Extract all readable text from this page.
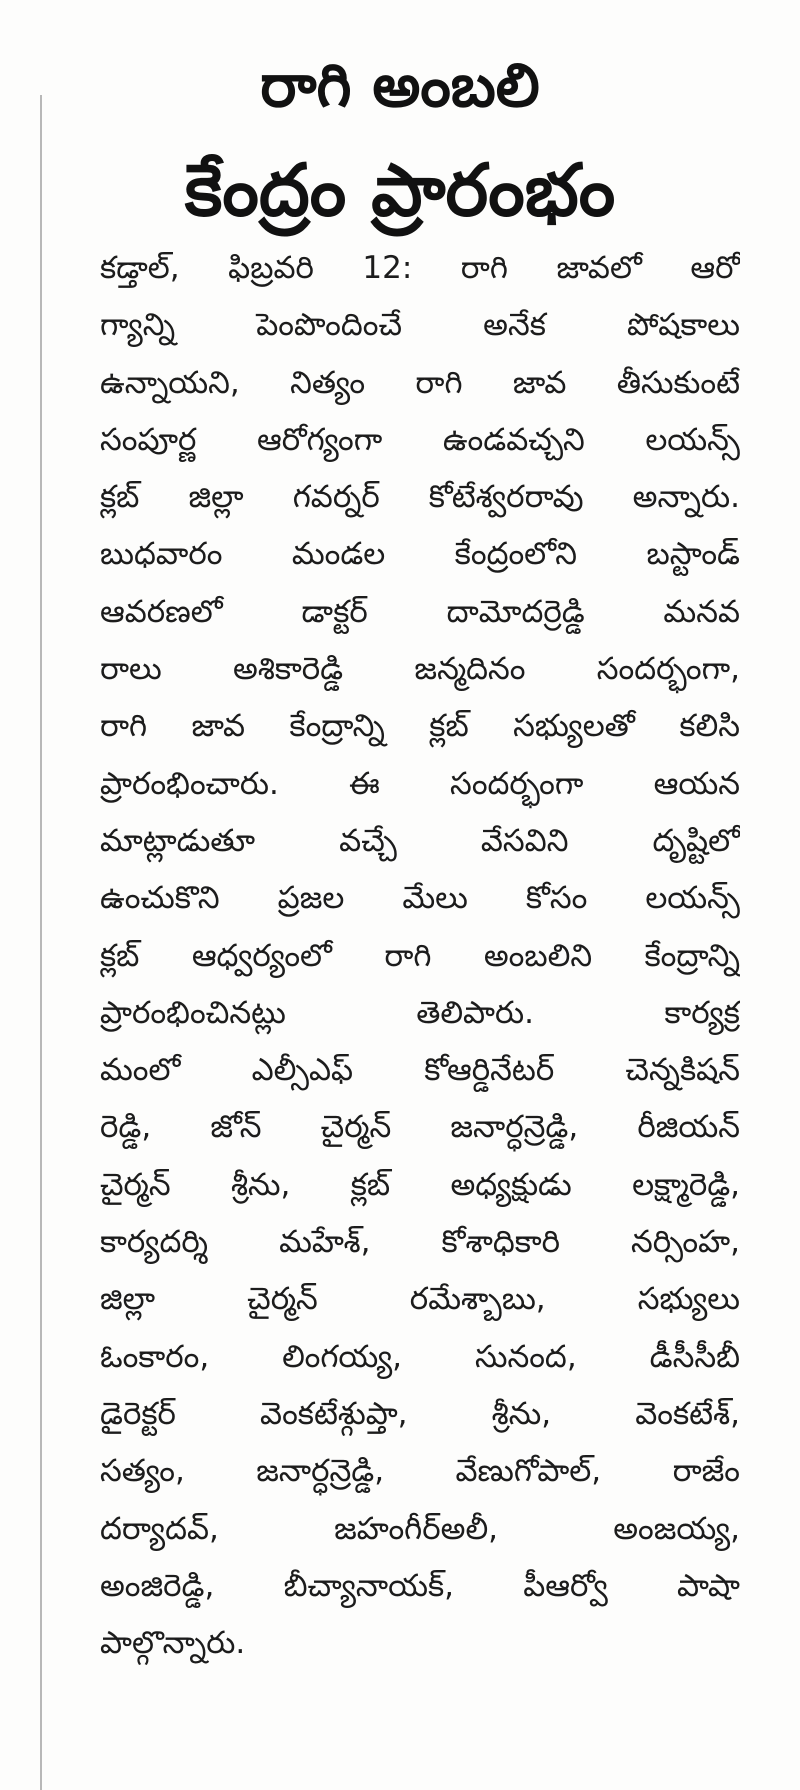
రాగి అంబలి
కేంద్రం ప్రారంభం
కడ్తాల్, ఫిబ్రవరి 12: రాగి జావలో ఆరో
గ్యాన్ని పెంపొందించే అనేక పోషకాలు
ఉన్నాయని, నిత్యం రాగి జావ తీసుకుంటే
సంపూర్ణ ఆరోగ్యంగా ఉండవచ్చని లయన్స్
క్లబ్ జిల్లా గవర్నర్ కోటేశ్వరరావు అన్నారు.
బుధవారం మండల కేంద్రంలోని బస్టాండ్
ఆవరణలో డాక్టర్ దామోదర్రెడ్డి మనవ
రాలు అశికారెడ్డి జన్మదినం సందర్భంగా,
రాగి జావ కేంద్రాన్ని క్లబ్ సభ్యులతో కలిసి
ప్రారంభించారు. ఈ సందర్భంగా ఆయన
మాట్లాడుతూ వచ్చే వేసవిని దృష్టిలో
ఉంచుకొని ప్రజల మేలు కోసం లయన్స్
క్లబ్ ఆధ్వర్యంలో రాగి అంబలిని కేంద్రాన్ని
ప్రారంభించినట్లు తెలిపారు. కార్యక్ర
మంలో ఎల్సీఎఫ్ కోఆర్డినేటర్ చెన్నకిషన్
రెడ్డి, జోన్ చైర్మన్ జనార్ధన్రెడ్డి, రీజియన్
చైర్మన్ శ్రీను, క్లబ్ అధ్యక్షుడు లక్ష్మారెడ్డి,
కార్యదర్శి మహేశ్, కోశాధికారి నర్సింహ,
జిల్లా చైర్మన్ రమేశ్బాబు, సభ్యులు
ఓంకారం, లింగయ్య, సునంద, డీసీసీబీ
డైరెక్టర్ వెంకటేశ్గుప్తా, శ్రీను, వెంకటేశ్,
సత్యం, జనార్ధన్రెడ్డి, వేణుగోపాల్, రాజేం
దర్యాదవ్, జహంగీర్అలీ, అంజయ్య,
అంజిరెడ్డి, బీచ్యానాయక్, పీఆర్వో పాషా
పాల్గొన్నారు.
